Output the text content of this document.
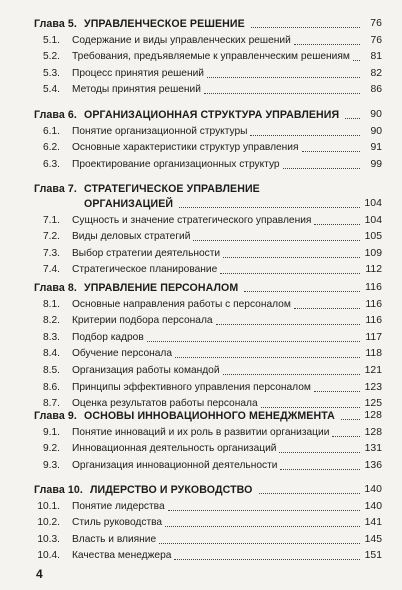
Глава 5. УПРАВЛЕНЧЕСКОЕ РЕШЕНИЕ	76
5.1.	Содержание и виды управленческих решений	76
5.2.	Требования, предъявляемые к управленческим решениям	81
5.3.	Процесс принятия решений	82
5.4.	Методы принятия решений	86
Глава 6. ОРГАНИЗАЦИОННАЯ СТРУКТУРА УПРАВЛЕНИЯ	90
6.1.	Понятие организационной структуры	90
6.2.	Основные характеристики структур управления	91
6.3.	Проектирование организационных структур	99
Глава 7. СТРАТЕГИЧЕСКОЕ УПРАВЛЕНИЕ
ОРГАНИЗАЦИЕЙ	104
7.1.	Сущность и значение стратегического управления	104
7.2.	Виды деловых стратегий	105
7.3.	Выбор стратегии деятельности	109
7.4.	Стратегическое планирование	112
Глава 8. УПРАВЛЕНИЕ ПЕРСОНАЛОМ	116
8.1.	Основные направления работы с персоналом	116
8.2.	Критерии подбора персонала	116
8.3.	Подбор кадров	117
8.4.	Обучение персонала	118
8.5.	Организация работы командой	121
8.6.	Принципы эффективного управления персоналом	123
8.7.	Оценка результатов работы персонала	125
Глава 9. ОСНОВЫ ИННОВАЦИОННОГО МЕНЕДЖМЕНТА	128
9.1.	Понятие инноваций и их роль в развитии организации	128
9.2.	Инновационная деятельность организаций	131
9.3.	Организация инновационной деятельности	136
Глава 10. ЛИДЕРСТВО И РУКОВОДСТВО	140
10.1.	Понятие лидерства	140
10.2.	Стиль руководства	141
10.3.	Власть и влияние	145
10.4.	Качества менеджера	151
4
